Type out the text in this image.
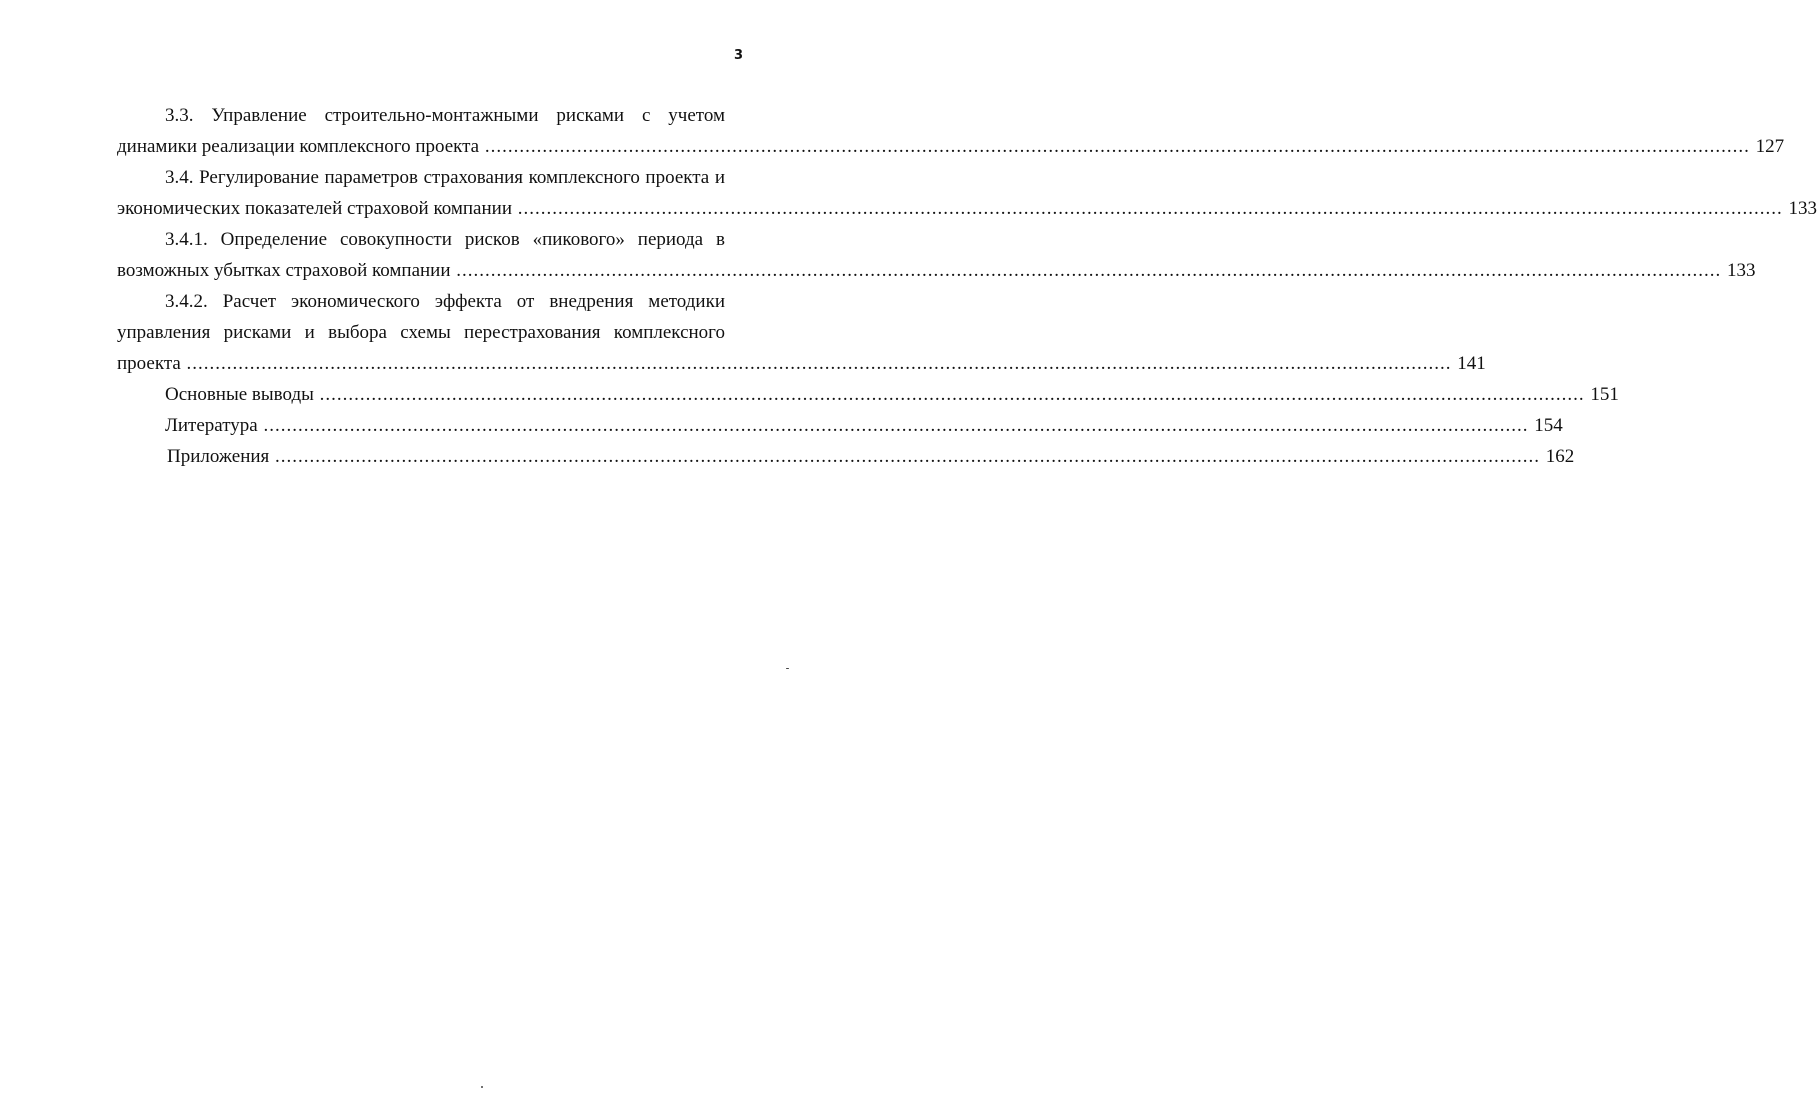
3
3.3. Управление строительно-монтажными рисками с учетом
динамики реализации комплексного проекта .....	127
3.4. Регулирование параметров страхования комплексного проекта и
экономических показателей страховой компании .....	133
3.4.1. Определение совокупности рисков «пикового» периода в
возможных убытках страховой компании .....	133
3.4.2. Расчет экономического эффекта от внедрения методики
управления рисками и выбора схемы перестрахования комплексного
проекта .....	141
Основные выводы .....	151
Литература .....	154
Приложения .....	162
